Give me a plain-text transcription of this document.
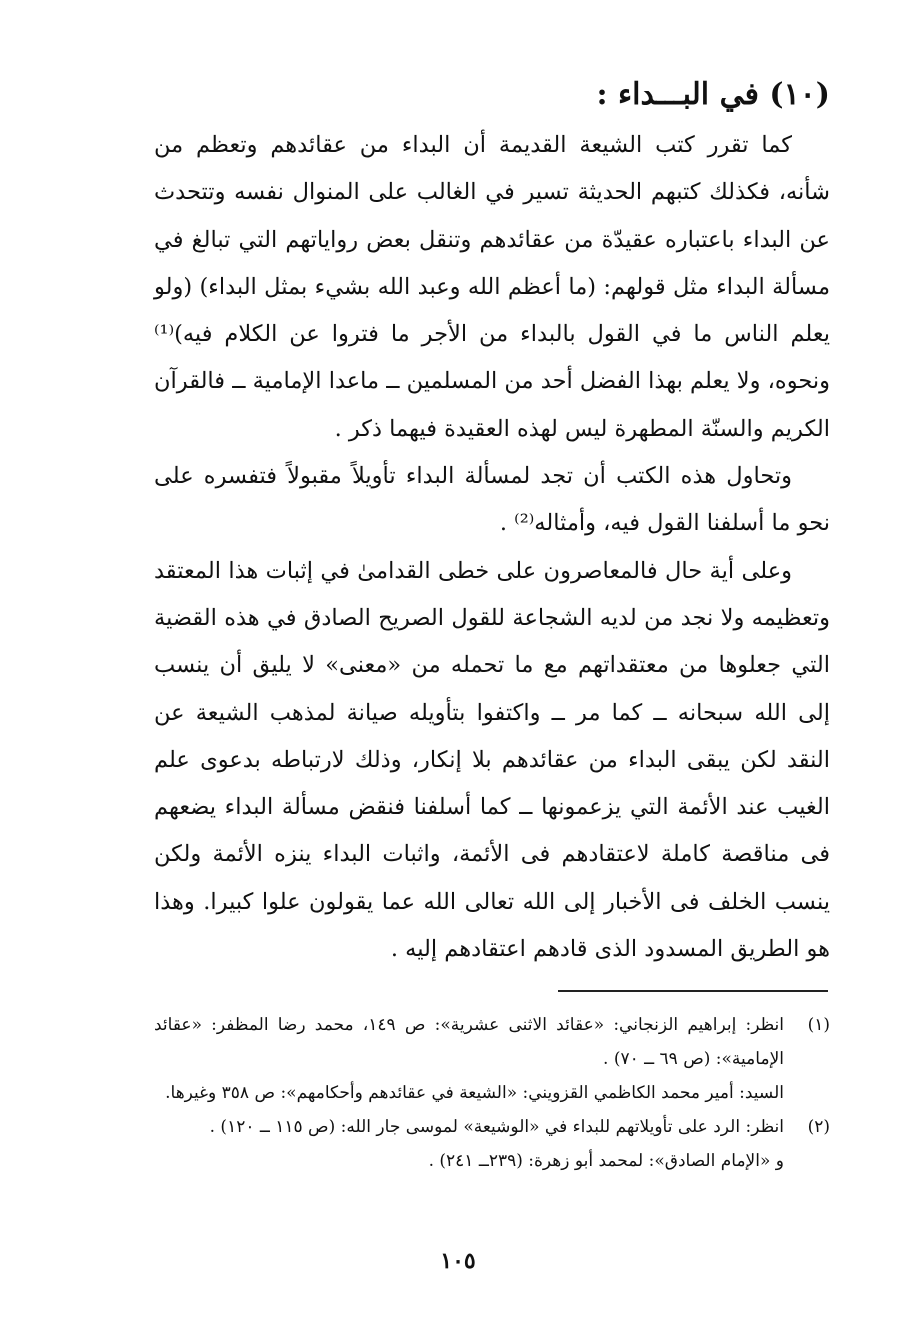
(١٠) في البـــداء :

كما تقرر كتب الشيعة القديمة أن البداء من عقائدهم وتعظم من شأنه، فكذلك كتبهم الحديثة تسير في الغالب على المنوال نفسه وتتحدث عن البداء باعتباره عقيدّة من عقائدهم وتنقل بعض رواياتهم التي تبالغ في مسألة البداء مثل قولهم: (ما أعظم الله وعبد الله بشيء بمثل البداء) (ولو يعلم الناس ما في القول بالبداء من الأجر ما فتروا عن الكلام فيه)⁽¹⁾ ونحوه، ولا يعلم بهذا الفضل أحد من المسلمين ــ ماعدا الإمامية ــ فالقرآن الكريم والسنّة المطهرة ليس لهذه العقيدة فيهما ذكر .

وتحاول هذه الكتب أن تجد لمسألة البداء تأويلاً مقبولاً فتفسره على نحو ما أسلفنا القول فيه، وأمثاله⁽²⁾ .

وعلى أية حال فالمعاصرون على خطى القدامىٰ في إثبات هذا المعتقد وتعظيمه ولا نجد من لديه الشجاعة للقول الصريح الصادق في هذه القضية التي جعلوها من معتقداتهم مع ما تحمله من «معنى» لا يليق أن ينسب إلى الله سبحانه ــ كما مر ــ واكتفوا بتأويله صيانة لمذهب الشيعة عن النقد لكن يبقى البداء من عقائدهم بلا إنكار، وذلك لارتباطه بدعوى علم الغيب عند الأئمة التي يزعمونها ــ كما أسلفنا فنقض مسألة البداء يضعهم فى مناقصة كاملة لاعتقادهم فى الأئمة، واثبات البداء ينزه الأئمة ولكن ينسب الخلف فى الأخبار إلى الله تعالى الله عما يقولون علوا كبيرا. وهذا هو الطريق المسدود الذى قادهم اعتقادهم إليه .

(١)
انظر: إبراهيم الزنجاني: «عقائد الاثنى عشرية»: ص ١٤٩، محمد رضا المظفر: «عقائد الإمامية»: (ص ٦٩ ــ ٧٠) .
السيد: أمير محمد الكاظمي القزويني: «الشيعة في عقائدهم وأحكامهم»: ص ٣٥٨ وغيرها.
(٢)
انظر: الرد على تأويلاتهم للبداء في «الوشيعة» لموسى جار الله: (ص ١١٥ ــ ١٢٠) .
و «الإمام الصادق»: لمحمد أبو زهرة: (٢٣٩ــ ٢٤١) .
١٠٥
